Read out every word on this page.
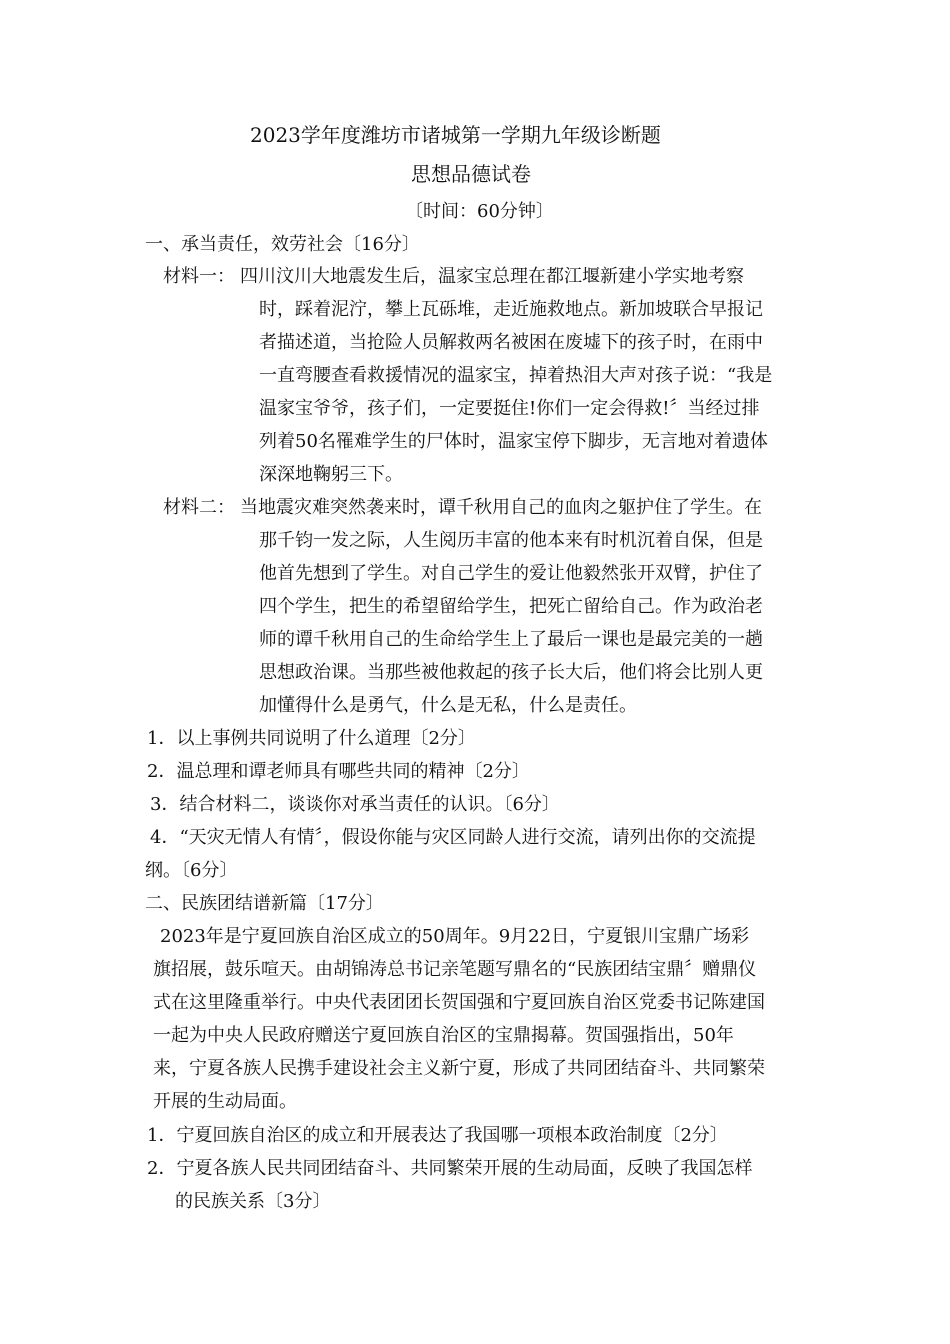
2023学年度潍坊市诸城第一学期九年级诊断题
思想品德试卷
〔时间：60分钟〕
一、承当责任，效劳社会〔16分〕
材料一： 四川汶川大地震发生后，温家宝总理在都江堰新建小学实地考察
时，踩着泥泞，攀上瓦砾堆，走近施救地点。新加坡联合早报记
者描述道，当抢险人员解救两名被困在废墟下的孩子时，在雨中
一直弯腰查看救援情况的温家宝，掉着热泪大声对孩子说：“我是
温家宝爷爷，孩子们，一定要挺住!你们一定会得救!〞当经过排
列着50名罹难学生的尸体时，温家宝停下脚步，无言地对着遗体
深深地鞠躬三下。
材料二： 当地震灾难突然袭来时，谭千秋用自己的血肉之躯护住了学生。在
那千钧一发之际，人生阅历丰富的他本来有时机沉着自保，但是
他首先想到了学生。对自己学生的爱让他毅然张开双臂，护住了
四个学生，把生的希望留给学生，把死亡留给自己。作为政治老
师的谭千秋用自己的生命给学生上了最后一课也是最完美的一趟
思想政治课。当那些被他救起的孩子长大后，他们将会比别人更
加懂得什么是勇气，什么是无私，什么是责任。
1．以上事例共同说明了什么道理〔2分〕
2．温总理和谭老师具有哪些共同的精神〔2分〕
3．结合材料二，谈谈你对承当责任的认识。〔6分〕
4．“天灾无情人有情〞，假设你能与灾区同龄人进行交流，请列出你的交流提
纲。〔6分〕
二、民族团结谱新篇〔17分〕
2023年是宁夏回族自治区成立的50周年。9月22日，宁夏银川宝鼎广场彩
旗招展，鼓乐喧天。由胡锦涛总书记亲笔题写鼎名的“民族团结宝鼎〞赠鼎仪
式在这里隆重举行。中央代表团团长贺国强和宁夏回族自治区党委书记陈建国
一起为中央人民政府赠送宁夏回族自治区的宝鼎揭幕。贺国强指出，50年
来，宁夏各族人民携手建设社会主义新宁夏，形成了共同团结奋斗、共同繁荣
开展的生动局面。
1．宁夏回族自治区的成立和开展表达了我国哪一项根本政治制度〔2分〕
2．宁夏各族人民共同团结奋斗、共同繁荣开展的生动局面，反映了我国怎样
的民族关系〔3分〕
